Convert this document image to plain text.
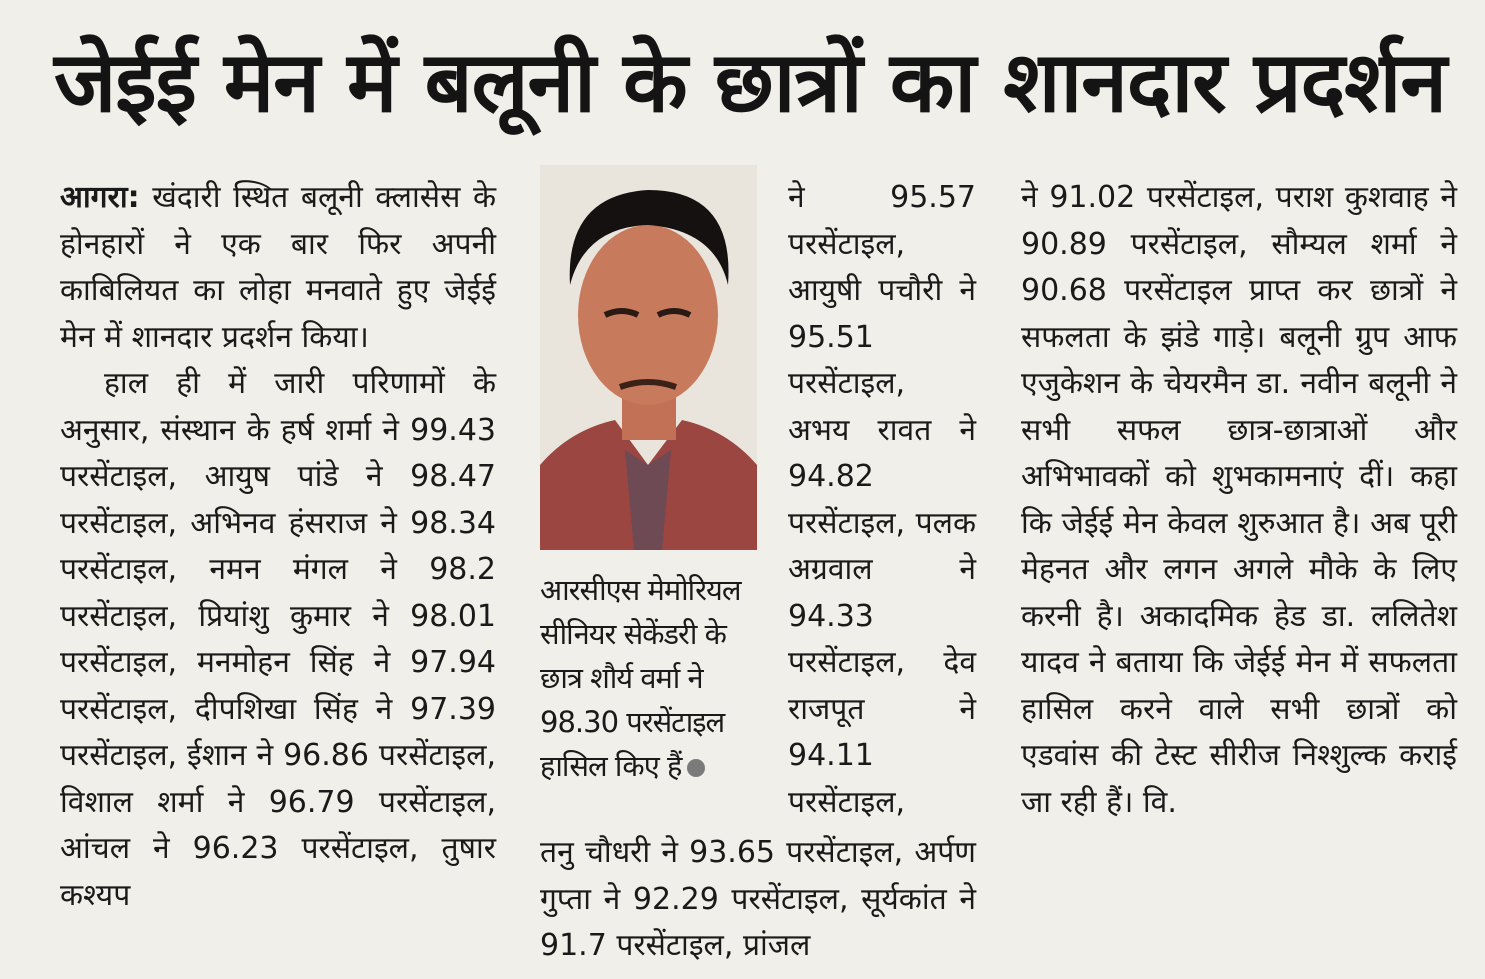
जेईई मेन में बलूनी के छात्रों का शानदार प्रदर्शन

आगरा: खंदारी स्थित बलूनी क्लासेस के होनहारों ने एक बार फिर अपनी काबिलियत का लोहा मनवाते हुए जेईई मेन में शानदार प्रदर्शन किया।

हाल ही में जारी परिणामों के अनुसार, संस्थान के हर्ष शर्मा ने 99.43 परसेंटाइल, आयुष पांडे ने 98.47 परसेंटाइल, अभिनव हंसराज ने 98.34 परसेंटाइल, नमन मंगल ने 98.2 परसेंटाइल, प्रियांशु कुमार ने 98.01 परसेंटाइल, मनमोहन सिंह ने 97.94 परसेंटाइल, दीपशिखा सिंह ने 97.39 परसेंटाइल, ईशान ने 96.86 परसेंटाइल, विशाल शर्मा ने 96.79 परसेंटाइल, आंचल ने 96.23 परसेंटाइल, तुषार कश्यप

आरसीएस मेमोरियल सीनियर सेकेंडरी के छात्र शौर्य वर्मा ने 98.30 परसेंटाइल हासिल किए हैं

ने 95.57 परसेंटाइल, आयुषी पचौरी ने 95.51 परसेंटाइल, अभय रावत ने 94.82 परसेंटाइल, पलक अग्रवाल ने 94.33 परसेंटाइल, देव राजपूत ने 94.11 परसेंटाइल,

तनु चौधरी ने 93.65 परसेंटाइल, अर्पण गुप्ता ने 92.29 परसेंटाइल, सूर्यकांत ने 91.7 परसेंटाइल, प्रांजल

ने 91.02 परसेंटाइल, पराश कुशवाह ने 90.89 परसेंटाइल, सौम्यल शर्मा ने 90.68 परसेंटाइल प्राप्त कर छात्रों ने सफलता के झंडे गाड़े। बलूनी ग्रुप आफ एजुकेशन के चेयरमैन डा. नवीन बलूनी ने सभी सफल छात्र-छात्राओं और अभिभावकों को शुभकामनाएं दीं। कहा कि जेईई मेन केवल शुरुआत है। अब पूरी मेहनत और लगन अगले मौके के लिए करनी है। अकादमिक हेड डा. ललितेश यादव ने बताया कि जेईई मेन में सफलता हासिल करने वाले सभी छात्रों को एडवांस की टेस्ट सीरीज निश्शुल्क कराई जा रही हैं। वि.
